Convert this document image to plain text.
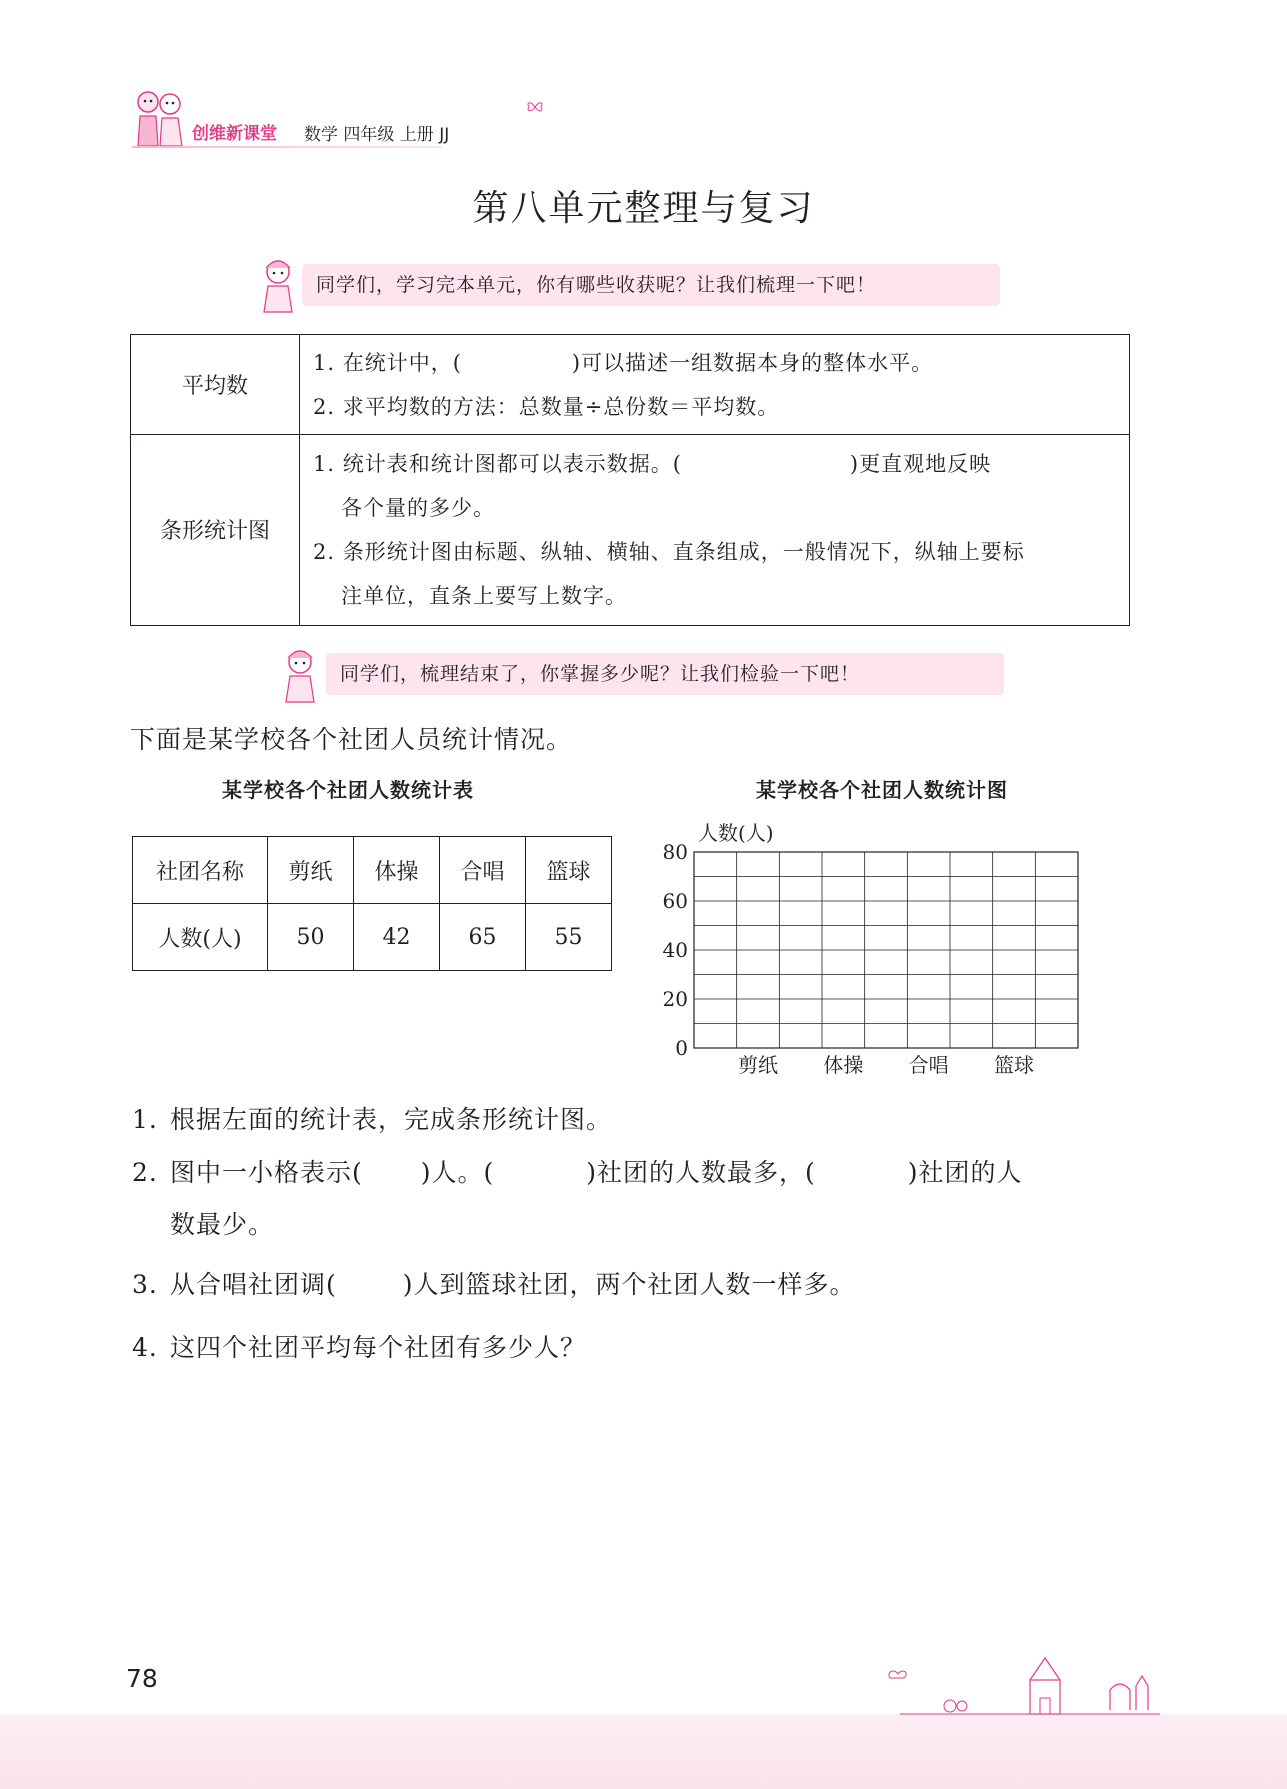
创维新课堂 数学 四年级 上册 JJ
第八单元整理与复习
同学们，学习完本单元，你有哪些收获呢？让我们梳理一下吧！
平均数
1. 在统计中，(	)可以描述一组数据本身的整体水平。
2. 求平均数的方法：总数量÷总份数＝平均数。
条形统计图
1. 统计表和统计图都可以表示数据。(	)更直观地反映
各个量的多少。
2. 条形统计图由标题、纵轴、横轴、直条组成，一般情况下，纵轴上要标
注单位，直条上要写上数字。
同学们，梳理结束了，你掌握多少呢？让我们检验一下吧！
下面是某学校各个社团人员统计情况。
某学校各个社团人数统计表	某学校各个社团人数统计图
社团名称	剪纸	体操	合唱	篮球
人数(人)	50	42	65	55
人数(人)
0
20
40
60
80
剪纸 体操 合唱 篮球
1. 根据左面的统计表，完成条形统计图。
2. 图中一小格表示( )人。(	)社团的人数最多，(	)社团的人
数最少。
3. 从合唱社团调(	)人到篮球社团，两个社团人数一样多。
4. 这四个社团平均每个社团有多少人？
78
